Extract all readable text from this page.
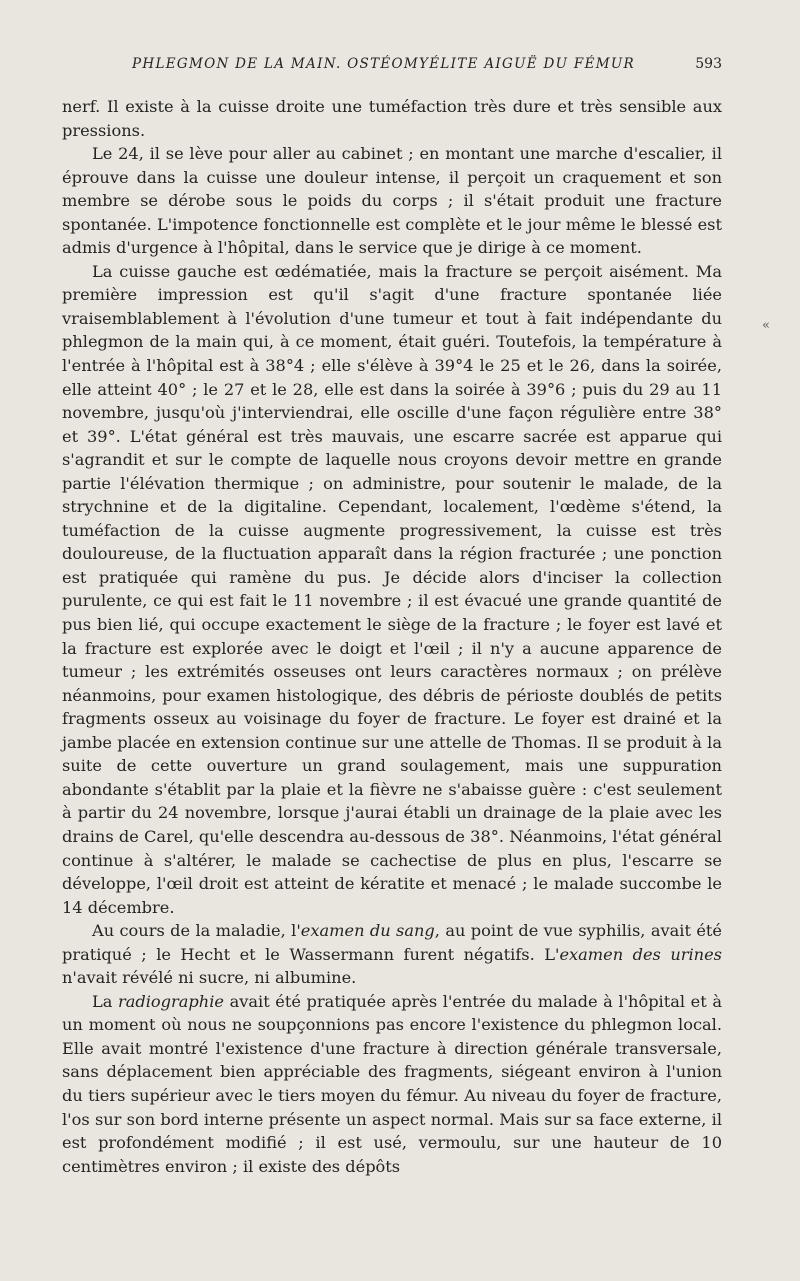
PHLEGMON DE LA MAIN. OSTÉOMYÉLITE AIGUË DU FÉMUR	593
«

nerf. Il existe à la cuisse droite une tuméfaction très dure et très sensible aux pressions.

Le 24, il se lève pour aller au cabinet ; en montant une marche d'escalier, il éprouve dans la cuisse une douleur intense, il perçoit un craquement et son membre se dérobe sous le poids du corps ; il s'était produit une fracture spontanée. L'impotence fonctionnelle est complète et le jour même le blessé est admis d'urgence à l'hôpital, dans le service que je dirige à ce moment.

La cuisse gauche est œdématiée, mais la fracture se perçoit aisément. Ma première impression est qu'il s'agit d'une fracture spontanée liée vraisemblablement à l'évolution d'une tumeur et tout à fait indépendante du phlegmon de la main qui, à ce moment, était guéri. Toutefois, la température à l'entrée à l'hôpital est à 38°4 ; elle s'élève à 39°4 le 25 et le 26, dans la soirée, elle atteint 40° ; le 27 et le 28, elle est dans la soirée à 39°6 ; puis du 29 au 11 novembre, jusqu'où j'interviendrai, elle oscille d'une façon régulière entre 38° et 39°. L'état général est très mauvais, une escarre sacrée est apparue qui s'agrandit et sur le compte de laquelle nous croyons devoir mettre en grande partie l'élévation thermique ; on administre, pour soutenir le malade, de la strychnine et de la digitaline. Cependant, localement, l'œdème s'étend, la tuméfaction de la cuisse augmente progressivement, la cuisse est très douloureuse, de la fluctuation apparaît dans la région fracturée ; une ponction est pratiquée qui ramène du pus. Je décide alors d'inciser la collection purulente, ce qui est fait le 11 novembre ; il est évacué une grande quantité de pus bien lié, qui occupe exactement le siège de la fracture ; le foyer est lavé et la fracture est explorée avec le doigt et l'œil ; il n'y a aucune apparence de tumeur ; les extrémités osseuses ont leurs caractères normaux ; on prélève néanmoins, pour examen histologique, des débris de périoste doublés de petits fragments osseux au voisinage du foyer de fracture. Le foyer est drainé et la jambe placée en extension continue sur une attelle de Thomas. Il se produit à la suite de cette ouverture un grand soulagement, mais une suppuration abondante s'établit par la plaie et la fièvre ne s'abaisse guère : c'est seulement à partir du 24 novembre, lorsque j'aurai établi un drainage de la plaie avec les drains de Carel, qu'elle descendra au-dessous de 38°. Néanmoins, l'état général continue à s'altérer, le malade se cachectise de plus en plus, l'escarre se développe, l'œil droit est atteint de kératite et menacé ; le malade succombe le 14 décembre.

Au cours de la maladie, l'examen du sang, au point de vue syphilis, avait été pratiqué ; le Hecht et le Wassermann furent négatifs. L'examen des urines n'avait révélé ni sucre, ni albumine.

La radiographie avait été pratiquée après l'entrée du malade à l'hôpital et à un moment où nous ne soupçonnions pas encore l'existence du phlegmon local. Elle avait montré l'existence d'une fracture à direction générale transversale, sans déplacement bien appréciable des fragments, siégeant environ à l'union du tiers supérieur avec le tiers moyen du fémur. Au niveau du foyer de fracture, l'os sur son bord interne présente un aspect normal. Mais sur sa face externe, il est profondément modifié ; il est usé, vermoulu, sur une hauteur de 10 centimètres environ ; il existe des dépôts
